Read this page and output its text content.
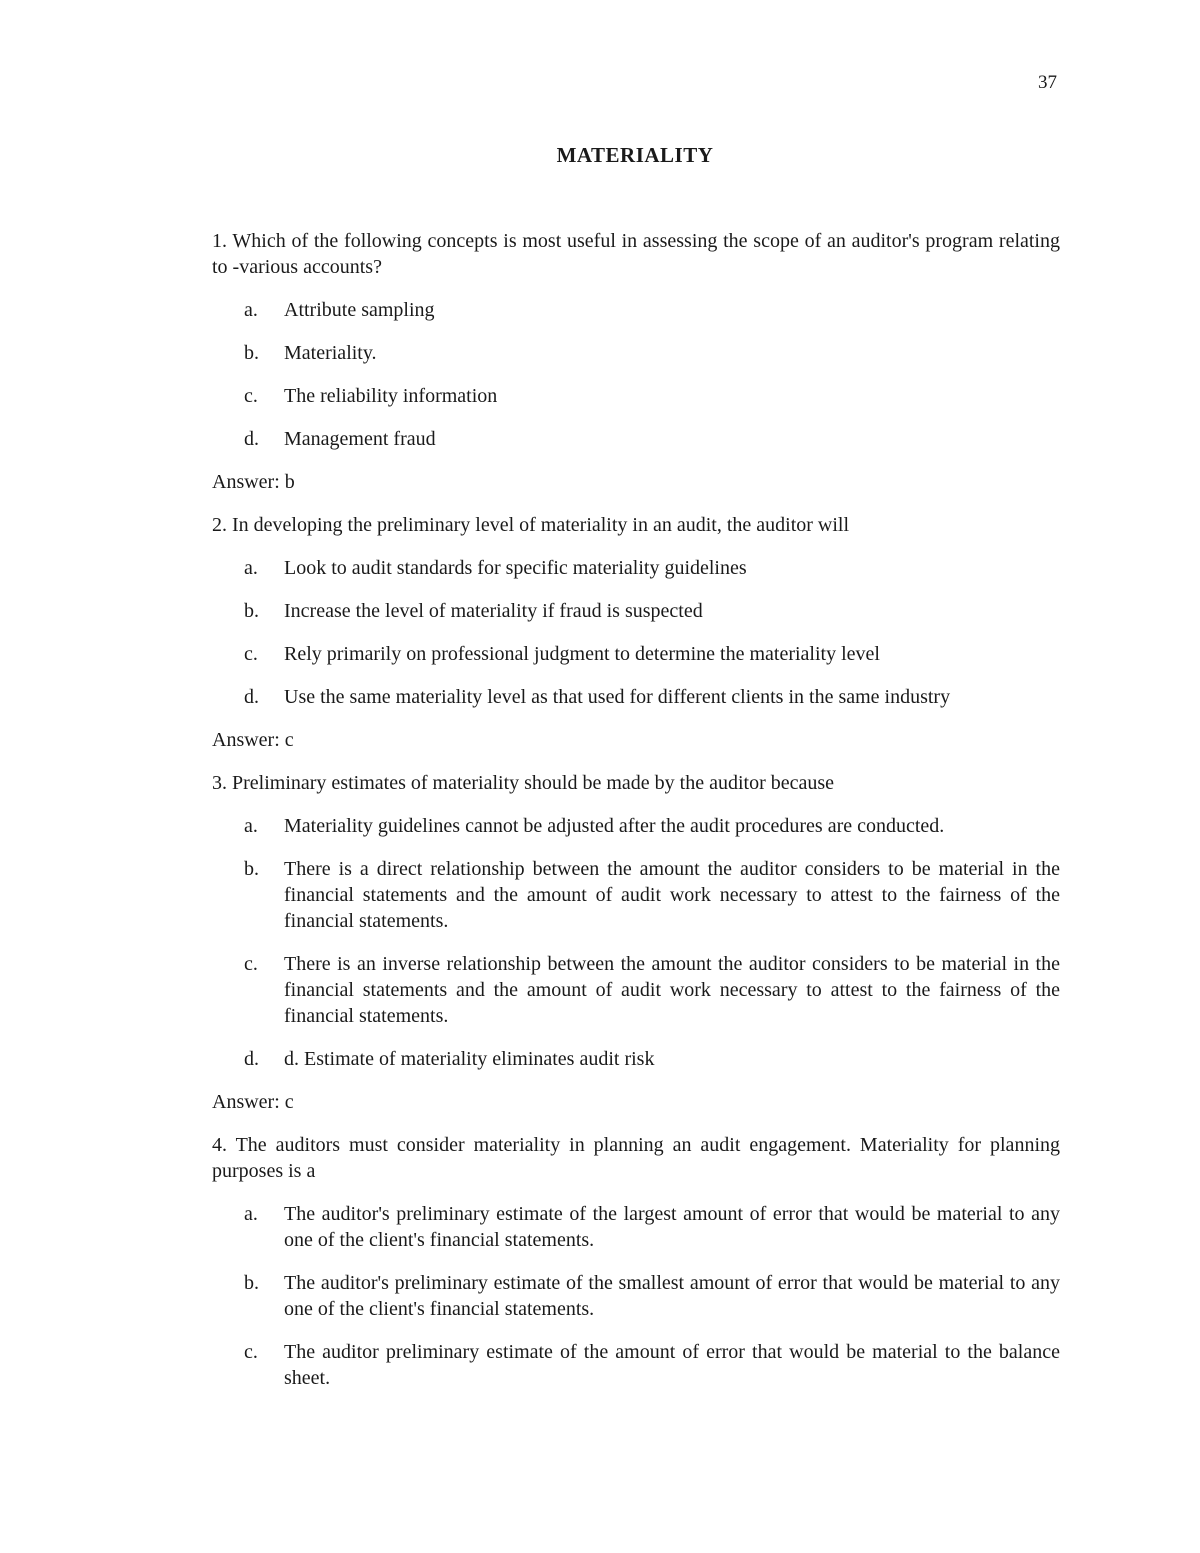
37
MATERIALITY

1. Which of the following concepts is most useful in assessing the scope of an auditor's program relating to -various accounts?

a.	Attribute sampling
b.	Materiality.
c.	The reliability information
d.	Management fraud

Answer: b

2. In developing the preliminary level of materiality in an audit, the auditor will

a.	Look to audit standards for specific materiality guidelines
b.	Increase the level of materiality if fraud is suspected
c.	Rely primarily on professional judgment to determine the materiality level
d.	Use the same materiality level as that used for different clients in the same industry

Answer: c

3. Preliminary estimates of materiality should be made by the auditor because

a.	Materiality guidelines cannot be adjusted after the audit procedures are conducted.
b.	There is a direct relationship between the amount the auditor considers to be material in the financial statements and the amount of audit work necessary to attest to the fairness of the financial statements.
c.	There is an inverse relationship between the amount the auditor considers to be material in the financial statements and the amount of audit work necessary to attest to the fairness of the financial statements.
d.	d. Estimate of materiality eliminates audit risk

Answer: c

4. The auditors must consider materiality in planning an audit engagement. Materiality for planning purposes is a

a.	The auditor's preliminary estimate of the largest amount of error that would be material to any one of the client's financial statements.
b.	The auditor's preliminary estimate of the smallest amount of error that would be material to any one of the client's financial statements.
c.	The auditor preliminary estimate of the amount of error that would be material to the balance sheet.
